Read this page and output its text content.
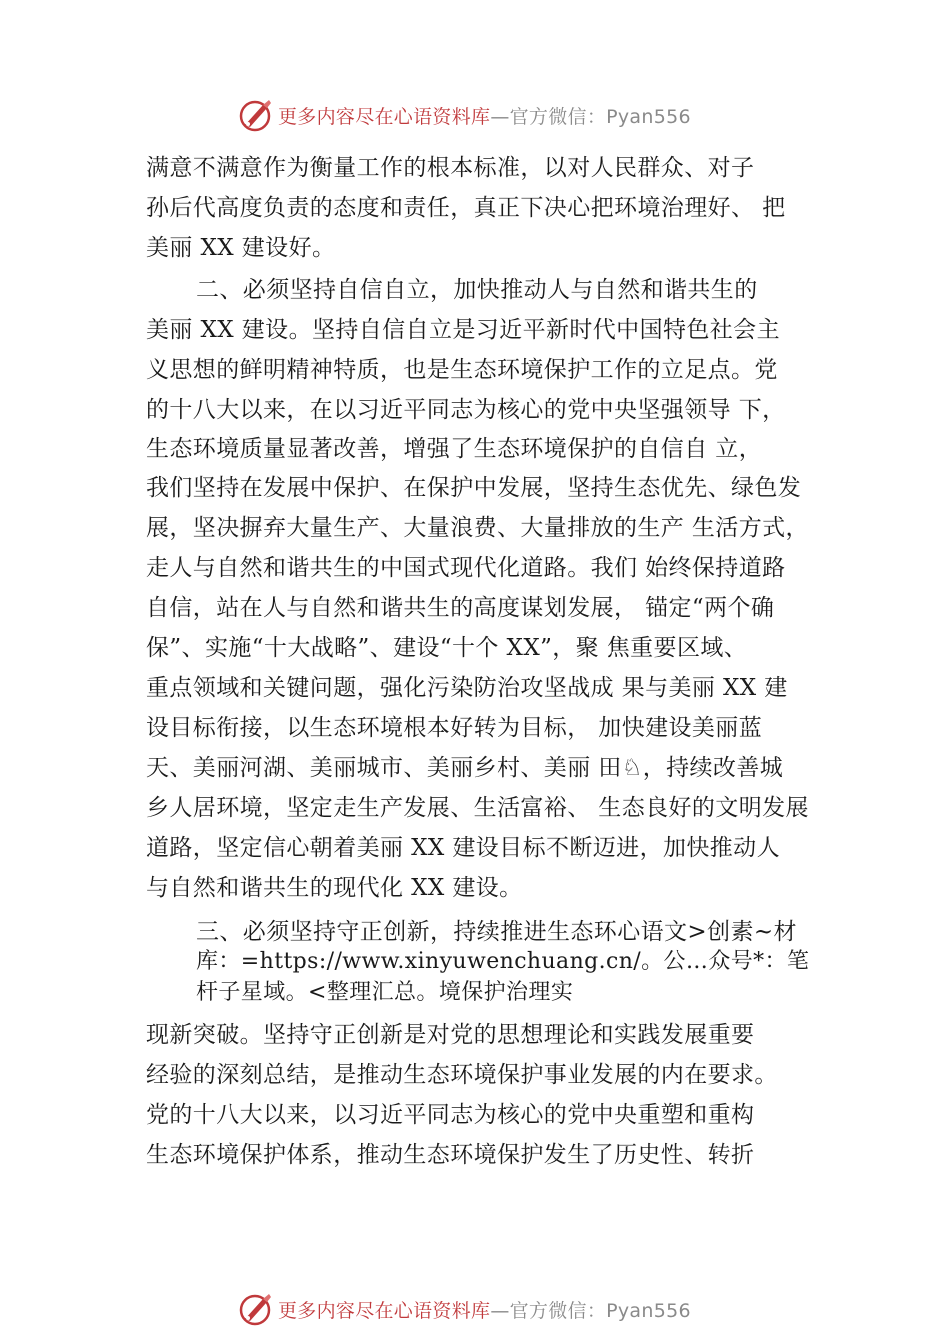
更多内容尽在心语资料库—官方微信：Pyan556
满意不满意作为衡量工作的根本标准，以对人民群众、对子
孙后代高度负责的态度和责任，真正下决心把环境治理好、 把
美丽 XX 建设好。
二、必须坚持自信自立，加快推动人与自然和谐共生的
美丽 XX 建设。坚持自信自立是习近平新时代中国特色社会主
义思想的鲜明精神特质，也是生态环境保护工作的立足点。党
的十八大以来，在以习近平同志为核心的党中央坚强领导 下，
生态环境质量显著改善，增强了生态环境保护的自信自 立，
我们坚持在发展中保护、在保护中发展，坚持生态优先、绿色发
展，坚决摒弃大量生产、大量浪费、大量排放的生产 生活方式，
走人与自然和谐共生的中国式现代化道路。我们 始终保持道路
自信，站在人与自然和谐共生的高度谋划发展， 锚定“两个确
保”、实施“十大战略”、建设“十个 XX”，聚 焦重要区域、
重点领域和关键问题，强化污染防治攻坚战成 果与美丽 XX 建
设目标衔接，以生态环境根本好转为目标， 加快建设美丽蓝
天、美丽河湖、美丽城市、美丽乡村、美丽 田♘，持续改善城
乡人居环境，坚定走生产发展、生活富裕、 生态良好的文明发展
道路，坚定信心朝着美丽 XX 建设目标不断迈进，加快推动人
与自然和谐共生的现代化 XX 建设。
三、必须坚持守正创新，持续推进生态环心语文>创素~材
库：=https://www.xinyuwenchuang.cn/。公…众号*：笔
杆子星域。<整理汇总。境保护治理实
现新突破。坚持守正创新是对党的思想理论和实践发展重要
经验的深刻总结，是推动生态环境保护事业发展的内在要求。
党的十八大以来，以习近平同志为核心的党中央重塑和重构
生态环境保护体系，推动生态环境保护发生了历史性、转折
更多内容尽在心语资料库—官方微信：Pyan556
